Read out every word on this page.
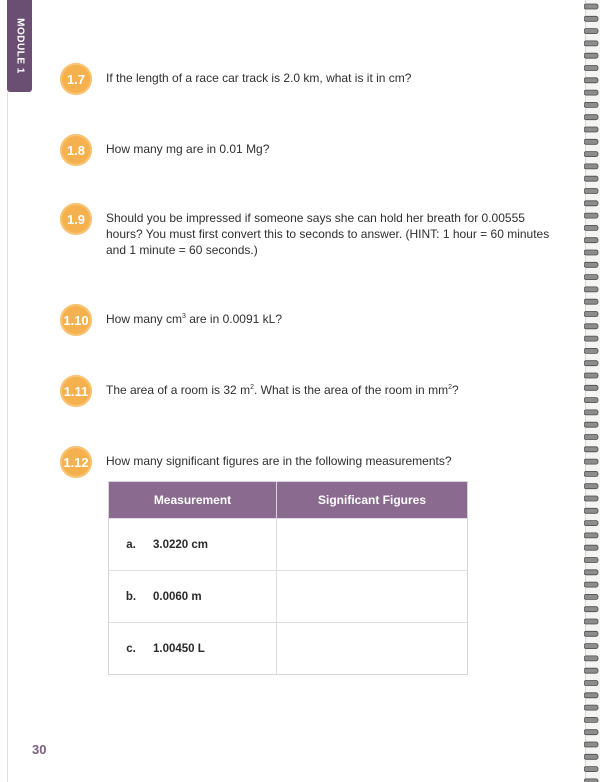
MODULE 1
1.7	If the length of a race car track is 2.0 km, what is it in cm?
1.8	How many mg are in 0.01 Mg?
1.9	Should you be impressed if someone says she can hold her breath for 0.00555 hours? You must first convert this to seconds to answer. (HINT: 1 hour = 60 minutes and 1 minute = 60 seconds.)
1.10 How many $cm^3$ are in 0.0091 kL?
1.11	The area of a room is 32 $m^2$. What is the area of the room in $mm^2$?
1.12 How many significant figures are in the following measurements?
Measurement	Significant Figures
a.	3.0220 cm
b.	0.0060 m
c.	1.00450 L
30
